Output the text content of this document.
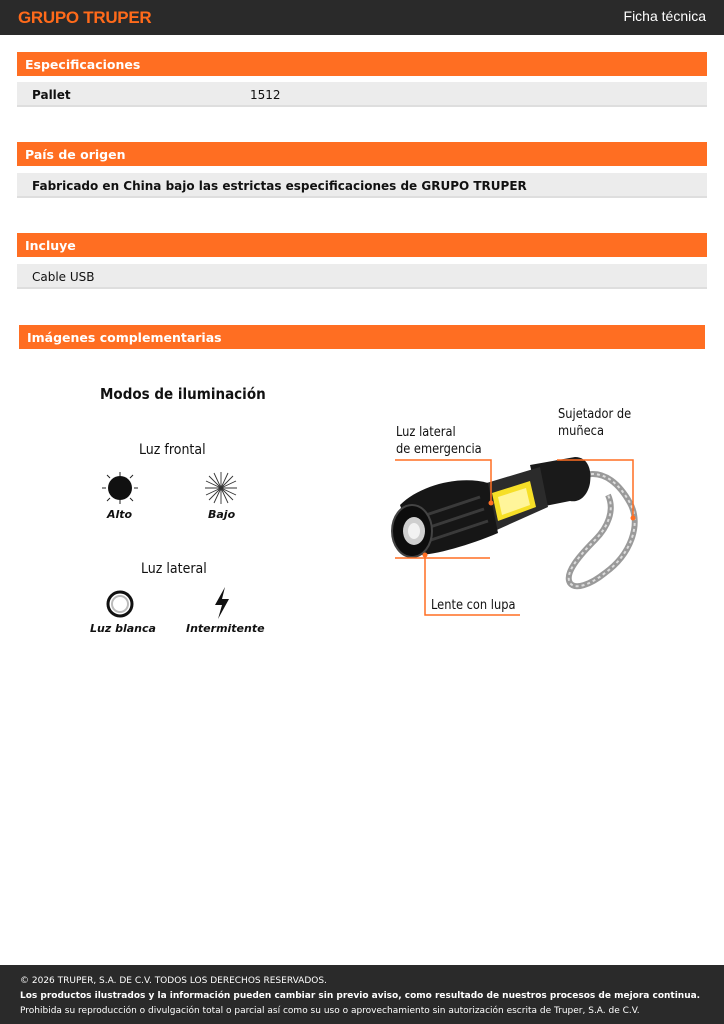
GRUPO TRUPER	Ficha técnica
Especificaciones
Pallet	1512
País de origen
Fabricado en China bajo las estrictas especificaciones de GRUPO TRUPER
Incluye
Cable USB
Imágenes complementarias
Modos de iluminación
Luz frontal
Alto	Bajo
Luz lateral
Luz blanca	Intermitente
Luz lateral
de emergencia
Sujetador de
muñeca
Lente con lupa
© 2026 TRUPER, S.A. DE C.V. TODOS LOS DERECHOS RESERVADOS.
Los productos ilustrados y la información pueden cambiar sin previo aviso, como resultado de nuestros procesos de mejora continua.
Prohibida su reproducción o divulgación total o parcial así como su uso o aprovechamiento sin autorización escrita de Truper, S.A. de C.V.
